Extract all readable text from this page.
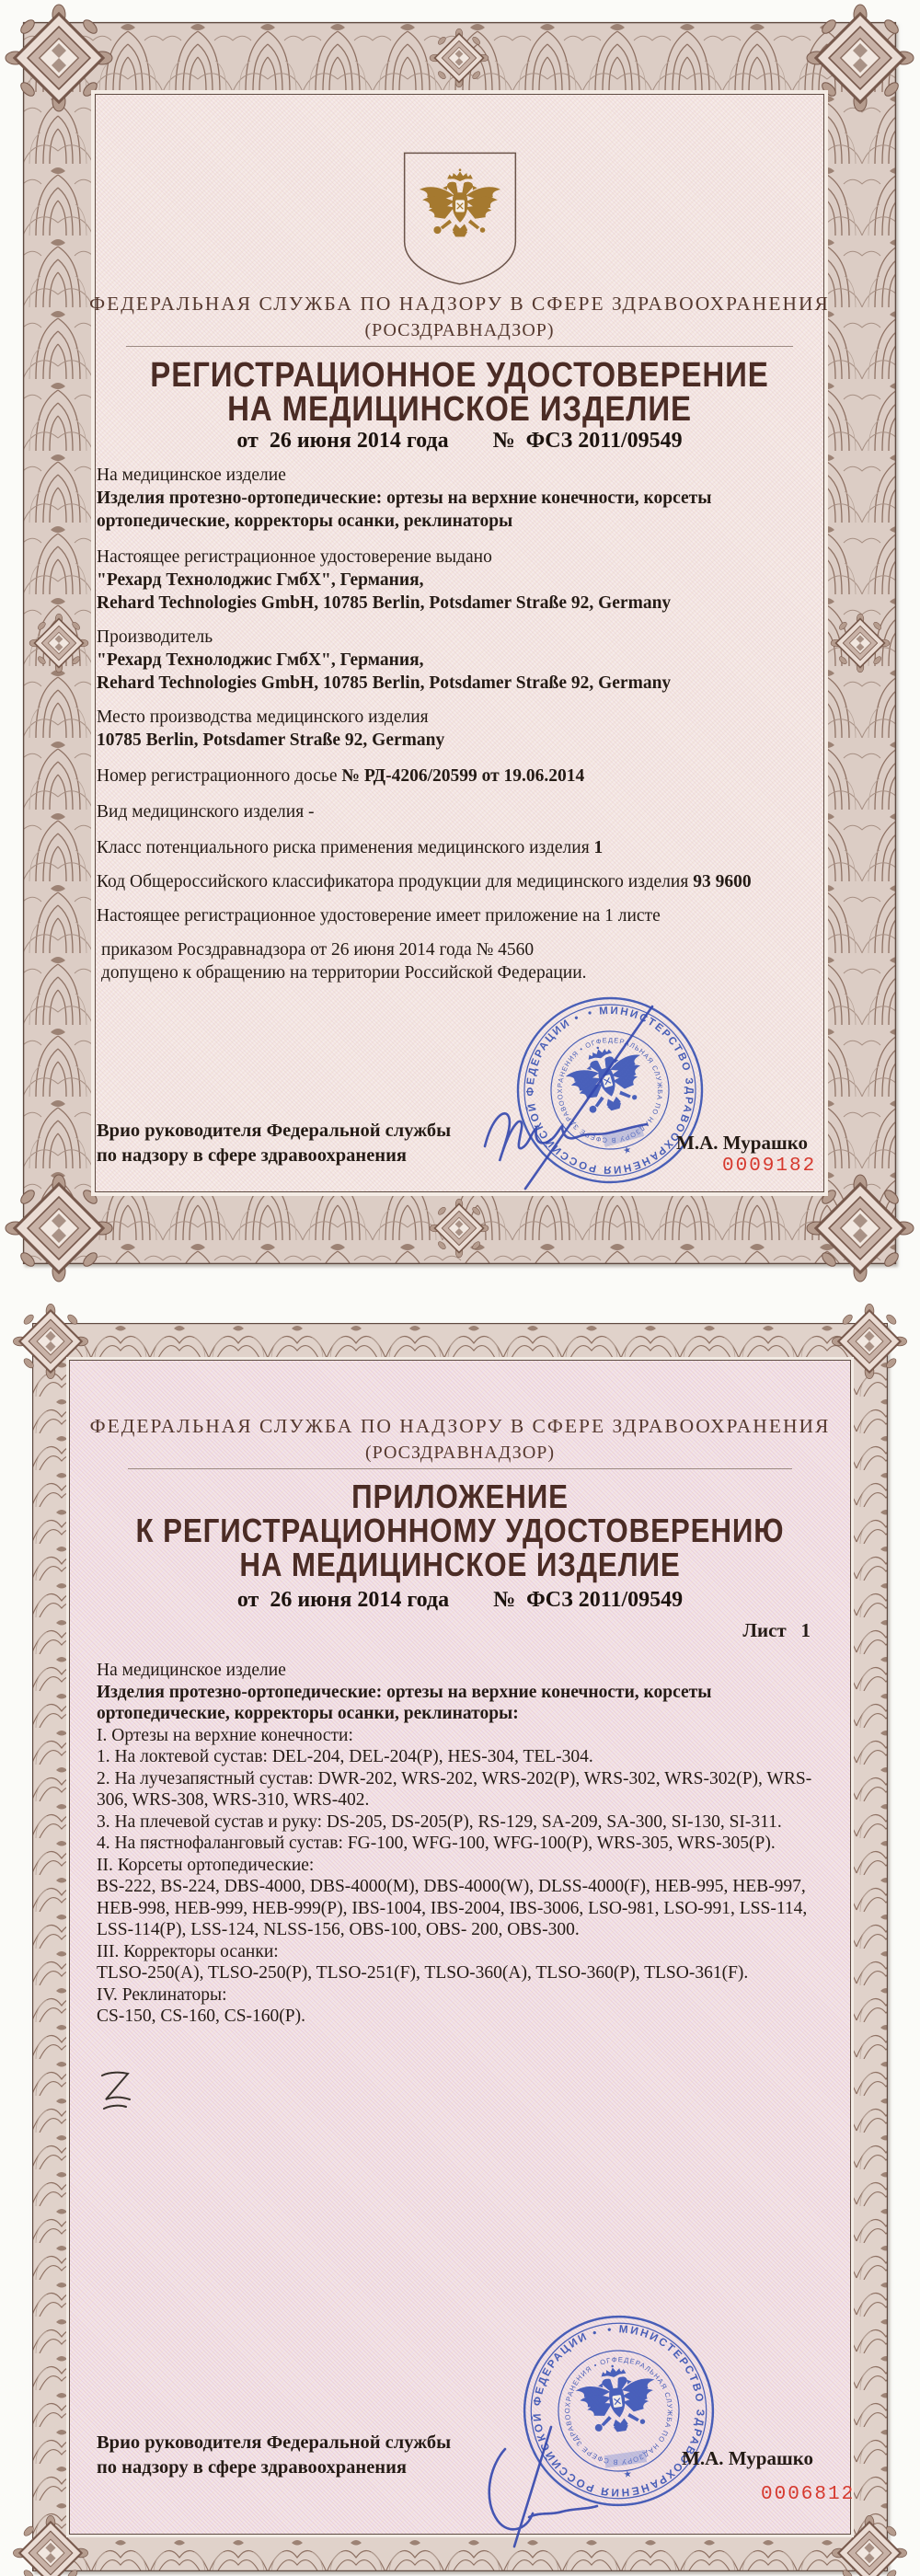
ФЕДЕРАЛЬНАЯ СЛУЖБА ПО НАДЗОРУ В СФЕРЕ ЗДРАВООХРАНЕНИЯ
(РОСЗДРАВНАДЗОР)
РЕГИСТРАЦИОННОЕ УДОСТОВЕРЕНИЕ
НА МЕДИЦИНСКОЕ ИЗДЕЛИЕ
от  26 июня 2014 года №  ФСЗ 2011/09549
На медицинское изделие
Изделия протезно-ортопедические: ортезы на верхние конечности, корсеты ортопедические, корректоры осанки, реклинаторы
Настоящее регистрационное удостоверение выдано
"Рехард Технолоджис ГмбХ", Германия,
Rehard Technologies GmbH, 10785 Berlin, Potsdamer Straße 92, Germany
Производитель
"Рехард Технолоджис ГмбХ", Германия,
Rehard Technologies GmbH, 10785 Berlin, Potsdamer Straße 92, Germany
Место производства медицинского изделия
10785 Berlin, Potsdamer Straße 92, Germany
Номер регистрационного досье № РД-4206/20599 от 19.06.2014
Вид медицинского изделия -
Класс потенциального риска применения медицинского изделия 1
Код Общероссийского классификатора продукции для медицинского изделия 93 9600
Настоящее регистрационное удостоверение имеет приложение на 1 листе
приказом Росздравнадзора от 26 июня 2014 года № 4560
допущено к обращению на территории Российской Федерации.
Врио руководителя Федеральной службы
по надзору в сфере здравоохранения
М.А. Мурашко
0009182
ФЕДЕРАЛЬНАЯ СЛУЖБА ПО НАДЗОРУ В СФЕРЕ ЗДРАВООХРАНЕНИЯ
(РОСЗДРАВНАДЗОР)
ПРИЛОЖЕНИЕ
К РЕГИСТРАЦИОННОМУ УДОСТОВЕРЕНИЮ
НА МЕДИЦИНСКОЕ ИЗДЕЛИЕ
от  26 июня 2014 года №  ФСЗ 2011/09549
Лист   1
На медицинское изделие
Изделия протезно-ортопедические: ортезы на верхние конечности, корсеты ортопедические, корректоры осанки, реклинаторы:
I. Ортезы на верхние конечности:
1. На локтевой сустав: DEL-204, DEL-204(P), HES-304, TEL-304.
2. На лучезапястный сустав: DWR-202, WRS-202, WRS-202(P), WRS-302, WRS-302(P), WRS-306, WRS-308, WRS-310, WRS-402.
3. На плечевой сустав и руку: DS-205, DS-205(P), RS-129, SA-209, SA-300, SI-130, SI-311.
4. На пястнофаланговый сустав: FG-100, WFG-100, WFG-100(P), WRS-305, WRS-305(P).
II. Корсеты ортопедические:
BS-222, BS-224, DBS-4000, DBS-4000(M), DBS-4000(W), DLSS-4000(F), HEB-995, HEB-997, HEB-998, HEB-999, HEB-999(P), IBS-1004, IBS-2004, IBS-3006, LSO-981, LSO-991, LSS-114, LSS-114(P), LSS-124, NLSS-156, OBS-100, OBS- 200, OBS-300.
III. Корректоры осанки:
TLSO-250(A), TLSO-250(P), TLSO-251(F), TLSO-360(A), TLSO-360(P), TLSO-361(F).
IV. Реклинаторы:
CS-150, CS-160, CS-160(P).
Врио руководителя Федеральной службы
по надзору в сфере здравоохранения	М.А. Мурашко
0006812
